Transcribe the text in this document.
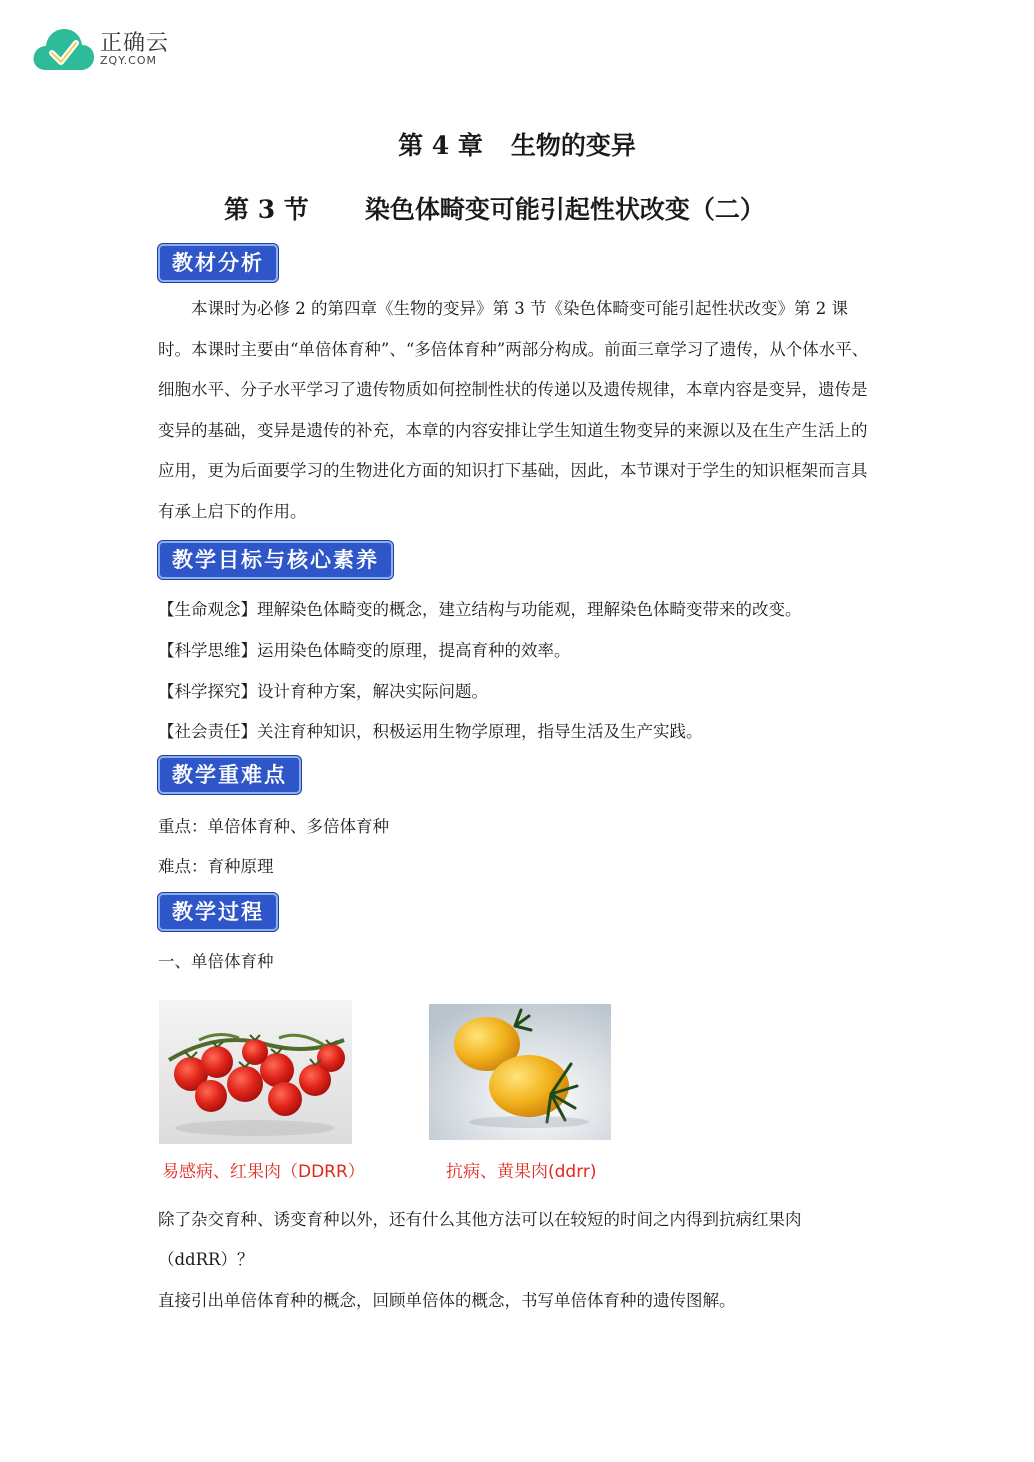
正确云
ZQY.COM
第 4 章 生物的变异
第 3 节 染色体畸变可能引起性状改变（二）
教材分析

本课时为必修 2 的第四章《生物的变异》第 3 节《染色体畸变可能引起性状改变》第 2 课时。本课时主要由“单倍体育种”、“多倍体育种”两部分构成。前面三章学习了遗传，从个体水平、细胞水平、分子水平学习了遗传物质如何控制性状的传递以及遗传规律，本章内容是变异，遗传是变异的基础，变异是遗传的补充，本章的内容安排让学生知道生物变异的来源以及在生产生活上的应用，更为后面要学习的生物进化方面的知识打下基础，因此，本节课对于学生的知识框架而言具有承上启下的作用。

教学目标与核心素养

【生命观念】理解染色体畸变的概念，建立结构与功能观，理解染色体畸变带来的改变。

【科学思维】运用染色体畸变的原理，提高育种的效率。

【科学探究】设计育种方案，解决实际问题。

【社会责任】关注育种知识，积极运用生物学原理，指导生活及生产实践。

教学重难点

重点：单倍体育种、多倍体育种

难点：育种原理

教学过程

一、单倍体育种

易感病、红果肉（DDRR）	抗病、黄果肉(ddrr)

除了杂交育种、诱变育种以外，还有什么其他方法可以在较短的时间之内得到抗病红果肉

（ddRR）？

直接引出单倍体育种的概念，回顾单倍体的概念，书写单倍体育种的遗传图解。
